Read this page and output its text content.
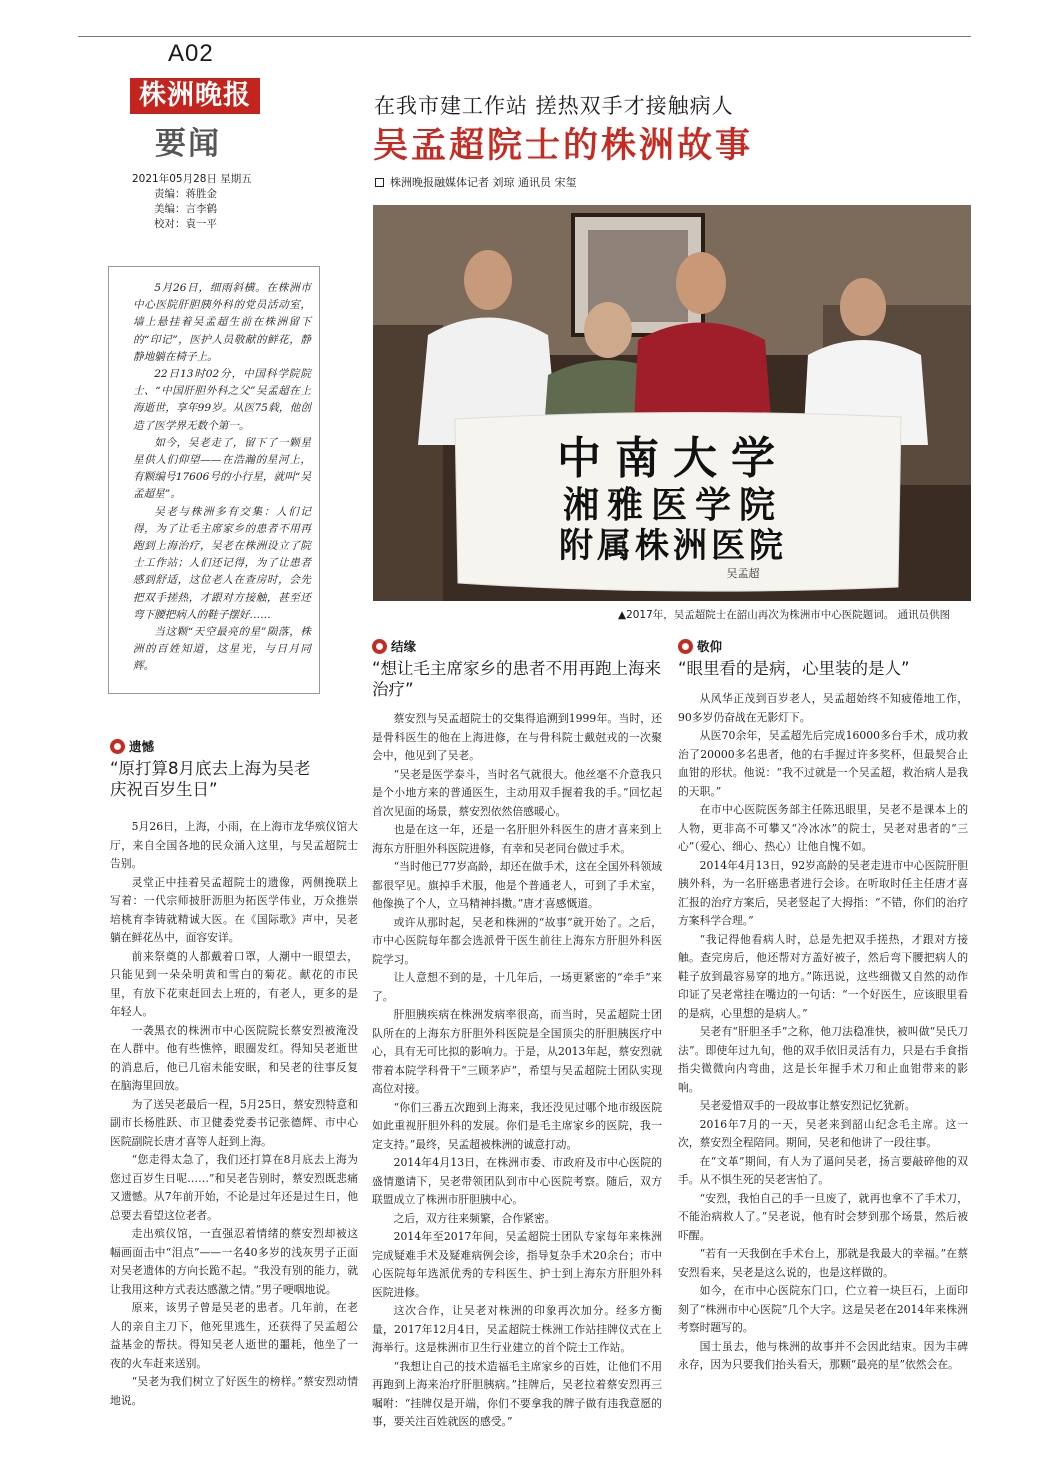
A02
株洲晚报
要闻
2021年05月28日 星期五
责编：蒋胜金
美编：言李鹤
校对：袁一平
在我市建工作站 搓热双手才接触病人
吴孟超院士的株洲故事
株洲晚报融媒体记者 刘琼 通讯员 宋玺
中南大学
湘雅医学院
附属株洲医院
吴孟超
▲2017年，吴孟超院士在韶山再次为株洲市中心医院题词。 通讯员供图

5月26日，细雨斜横。在株洲市中心医院肝胆胰外科的党员活动室，墙上悬挂着吴孟超生前在株洲留下的“印记”，医护人员敬献的鲜花，静静地躺在椅子上。

22日13时02分，中国科学院院士、“中国肝胆外科之父”吴孟超在上海逝世，享年99岁。从医75载，他创造了医学界无数个第一。

如今，吴老走了，留下了一颗星星供人们仰望——在浩瀚的星河上，有颗编号17606号的小行星，就叫“吴孟超星”。

吴老与株洲多有交集：人们记得，为了让毛主席家乡的患者不用再跑到上海治疗，吴老在株洲设立了院士工作站；人们还记得，为了让患者感到舒适，这位老人在查房时，会先把双手搓热，才跟对方接触，甚至还弯下腰把病人的鞋子摆好……

当这颗“天空最亮的星”陨落，株洲的百姓知道，这星光，与日月同辉。

遗憾
“原打算8月底去上海为吴老庆祝百岁生日”

5月26日，上海，小雨，在上海市龙华殡仪馆大厅，来自全国各地的民众涌入这里，与吴孟超院士告别。

灵堂正中挂着吴孟超院士的遗像，两侧挽联上写着：一代宗师披肝沥胆为拓医学伟业，万众推崇培桃育李铸就精诚大医。在《国际歌》声中，吴老躺在鲜花丛中，面容安详。

前来祭奠的人都戴着口罩，人潮中一眼望去，只能见到一朵朵明黄和雪白的菊花。献花的市民里，有放下花束赶回去上班的，有老人，更多的是年轻人。

一袭黑衣的株洲市中心医院院长蔡安烈被淹没在人群中。他有些憔悴，眼圈发红。得知吴老逝世的消息后，他已几宿未能安眠，和吴老的往事反复在脑海里回放。

为了送吴老最后一程，5月25日，蔡安烈特意和副市长杨胜跃、市卫健委党委书记张德辉、市中心医院副院长唐才喜等人赶到上海。

“您走得太急了，我们还打算在8月底去上海为您过百岁生日呢……”和吴老告别时，蔡安烈既悲痛又遗憾。从7年前开始，不论是过年还是过生日，他总要去看望这位老者。

走出殡仪馆，一直强忍着情绪的蔡安烈却被这幅画面击中“泪点”——一名40多岁的浅灰男子正面对吴老遗体的方向长跪不起。“我没有别的能力，就让我用这种方式表达感激之情。”男子哽咽地说。

原来，该男子曾是吴老的患者。几年前，在老人的亲自主刀下，他死里逃生，还获得了吴孟超公益基金的帮扶。得知吴老人逝世的噩耗，他坐了一夜的火车赶来送别。

“吴老为我们树立了好医生的榜样。”蔡安烈动情地说。

结缘
“想让毛主席家乡的患者不用再跑上海来治疗”

蔡安烈与吴孟超院士的交集得追溯到1999年。当时，还是骨科医生的他在上海进修，在与骨科院士戴尅戎的一次聚会中，他见到了吴老。

“吴老是医学泰斗，当时名气就很大。他丝毫不介意我只是个小地方来的普通医生，主动用双手握着我的手。”回忆起首次见面的场景，蔡安烈依然倍感暖心。

也是在这一年，还是一名肝胆外科医生的唐才喜来到上海东方肝胆外科医院进修，有幸和吴老同台做过手术。

“当时他已77岁高龄，却还在做手术，这在全国外科领域都很罕见。旗掉手术服，他是个普通老人，可到了手术室，他像换了个人，立马精神抖擞。”唐才喜感慨道。

或许从那时起，吴老和株洲的“故事”就开始了。之后，市中心医院每年都会选派骨干医生前往上海东方肝胆外科医院学习。

让人意想不到的是，十几年后，一场更紧密的“牵手”来了。

肝胆胰疾病在株洲发病率很高，而当时，吴孟超院士团队所在的上海东方肝胆外科医院是全国顶尖的肝胆胰医疗中心，具有无可比拟的影响力。于是，从2013年起，蔡安烈就带着本院学科骨干“三顾茅庐”，希望与吴孟超院士团队实现高位对接。

“你们三番五次跑到上海来，我还没见过哪个地市级医院如此重视肝胆外科的发展。你们是毛主席家乡的医院，我一定支持。”最终，吴孟超被株洲的诚意打动。

2014年4月13日，在株洲市委、市政府及市中心医院的盛情邀请下，吴老带领团队到市中心医院考察。随后，双方联盟成立了株洲市肝胆胰中心。

之后，双方往来频繁，合作紧密。

2014年至2017年间，吴孟超院士团队专家每年来株洲完成疑难手术及疑难病例会诊，指导复杂手术20余台；市中心医院每年选派优秀的专科医生、护士到上海东方肝胆外科医院进修。

这次合作，让吴老对株洲的印象再次加分。经多方衡量，2017年12月4日，吴孟超院士株洲工作站挂牌仪式在上海举行。这是株洲市卫生行业建立的首个院士工作站。

“我想让自己的技术造福毛主席家乡的百姓，让他们不用再跑到上海来治疗肝胆胰病。”挂牌后，吴老拉着蔡安烈再三嘱咐：“挂牌仅是开端，你们不要拿我的牌子做有违我意愿的事，要关注百姓就医的感受。”

敬仰
“眼里看的是病，心里装的是人”

从风华正茂到百岁老人，吴孟超始终不知疲倦地工作，90多岁仍奋战在无影灯下。

从医70余年，吴孟超先后完成16000多台手术，成功救治了20000多名患者，他的右手握过许多奖杯，但最契合止血钳的形状。他说：“我不过就是一个吴孟超，救治病人是我的天职。”

在市中心医院医务部主任陈迅眼里，吴老不是课本上的人物，更非高不可攀又“冷冰冰”的院士，吴老对患者的“三心”（爱心、细心、热心）让他自愧不如。

2014年4月13日，92岁高龄的吴老走进市中心医院肝胆胰外科，为一名肝癌患者进行会诊。在听取时任主任唐才喜汇报的治疗方案后，吴老竖起了大拇指：“不错，你们的治疗方案科学合理。”

“我记得他看病人时，总是先把双手搓热，才跟对方接触。查完房后，他还帮对方盖好被子，然后弯下腰把病人的鞋子放到最容易穿的地方。”陈迅说，这些细微又自然的动作印证了吴老常挂在嘴边的一句话：“一个好医生，应该眼里看的是病，心里想的是病人。”

吴老有“肝胆圣手”之称，他刀法稳准快，被叫做“吴氏刀法”。即使年过九旬，他的双手依旧灵活有力，只是右手食指指尖微微向内弯曲，这是长年握手术刀和止血钳带来的影响。

吴老爱惜双手的一段故事让蔡安烈记忆犹新。

2016年7月的一天，吴老来到韶山纪念毛主席。这一次，蔡安烈全程陪同。期间，吴老和他讲了一段往事。

在“文革”期间，有人为了逼问吴老，扬言要敲碎他的双手。从不惧生死的吴老害怕了。

“安烈，我怕自己的手一旦废了，就再也拿不了手术刀，不能治病救人了。”吴老说，他有时会梦到那个场景，然后被吓醒。

“若有一天我倒在手术台上，那就是我最大的幸福。”在蔡安烈看来，吴老是这么说的，也是这样做的。

如今，在市中心医院东门口，伫立着一块巨石，上面印刻了“株洲市中心医院”几个大字。这是吴老在2014年来株洲考察时题写的。

国士虽去，他与株洲的故事并不会因此结束。因为丰碑永存，因为只要我们抬头看天，那颗“最亮的星”依然会在。
